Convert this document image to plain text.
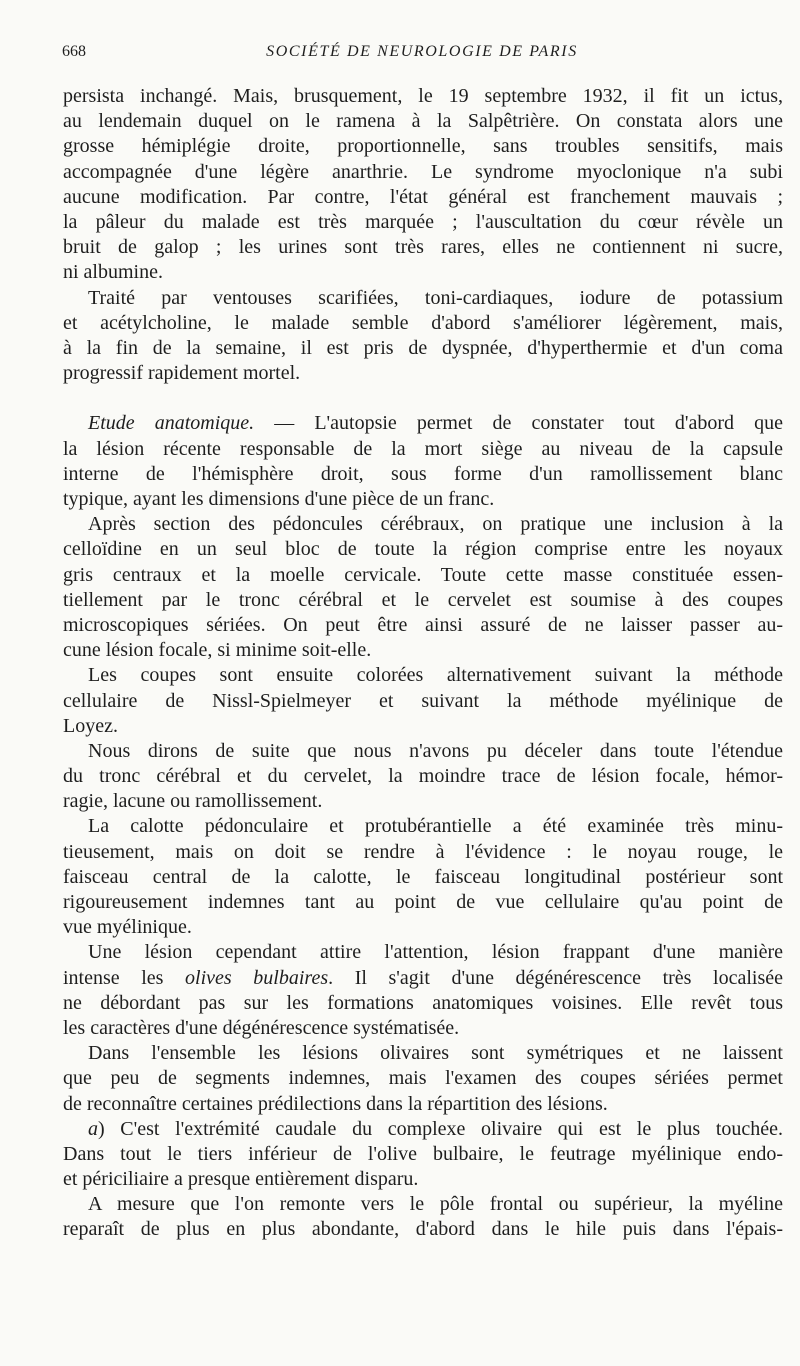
668	SOCIÉTÉ DE NEUROLOGIE DE PARIS
persista inchangé. Mais, brusquement, le 19 septembre 1932, il fit un ictus,
au lendemain duquel on le ramena à la Salpêtrière. On constata alors une
grosse hémiplégie droite, proportionnelle, sans troubles sensitifs, mais
accompagnée d'une légère anarthrie. Le syndrome myoclonique n'a subi
aucune modification. Par contre, l'état général est franchement mauvais ;
la pâleur du malade est très marquée ; l'auscultation du cœur révèle un
bruit de galop ; les urines sont très rares, elles ne contiennent ni sucre,
ni albumine.
Traité par ventouses scarifiées, toni-cardiaques, iodure de potassium
et acétylcholine, le malade semble d'abord s'améliorer légèrement, mais,
à la fin de la semaine, il est pris de dyspnée, d'hyperthermie et d'un coma
progressif rapidement mortel.
Etude anatomique. — L'autopsie permet de constater tout d'abord que
la lésion récente responsable de la mort siège au niveau de la capsule
interne de l'hémisphère droit, sous forme d'un ramollissement blanc
typique, ayant les dimensions d'une pièce de un franc.
Après section des pédoncules cérébraux, on pratique une inclusion à la
celloïdine en un seul bloc de toute la région comprise entre les noyaux
gris centraux et la moelle cervicale. Toute cette masse constituée essen-
tiellement par le tronc cérébral et le cervelet est soumise à des coupes
microscopiques sériées. On peut être ainsi assuré de ne laisser passer au-
cune lésion focale, si minime soit-elle.
Les coupes sont ensuite colorées alternativement suivant la méthode
cellulaire de Nissl-Spielmeyer et suivant la méthode myélinique de
Loyez.
Nous dirons de suite que nous n'avons pu déceler dans toute l'étendue
du tronc cérébral et du cervelet, la moindre trace de lésion focale, hémor-
ragie, lacune ou ramollissement.
La calotte pédonculaire et protubérantielle a été examinée très minu-
tieusement, mais on doit se rendre à l'évidence : le noyau rouge, le
faisceau central de la calotte, le faisceau longitudinal postérieur sont
rigoureusement indemnes tant au point de vue cellulaire qu'au point de
vue myélinique.
Une lésion cependant attire l'attention, lésion frappant d'une manière
intense les olives bulbaires. Il s'agit d'une dégénérescence très localisée
ne débordant pas sur les formations anatomiques voisines. Elle revêt tous
les caractères d'une dégénérescence systématisée.
Dans l'ensemble les lésions olivaires sont symétriques et ne laissent
que peu de segments indemnes, mais l'examen des coupes sériées permet
de reconnaître certaines prédilections dans la répartition des lésions.
a) C'est l'extrémité caudale du complexe olivaire qui est le plus touchée.
Dans tout le tiers inférieur de l'olive bulbaire, le feutrage myélinique endo-
et périciliaire a presque entièrement disparu.
A mesure que l'on remonte vers le pôle frontal ou supérieur, la myéline
reparaît de plus en plus abondante, d'abord dans le hile puis dans l'épais-
